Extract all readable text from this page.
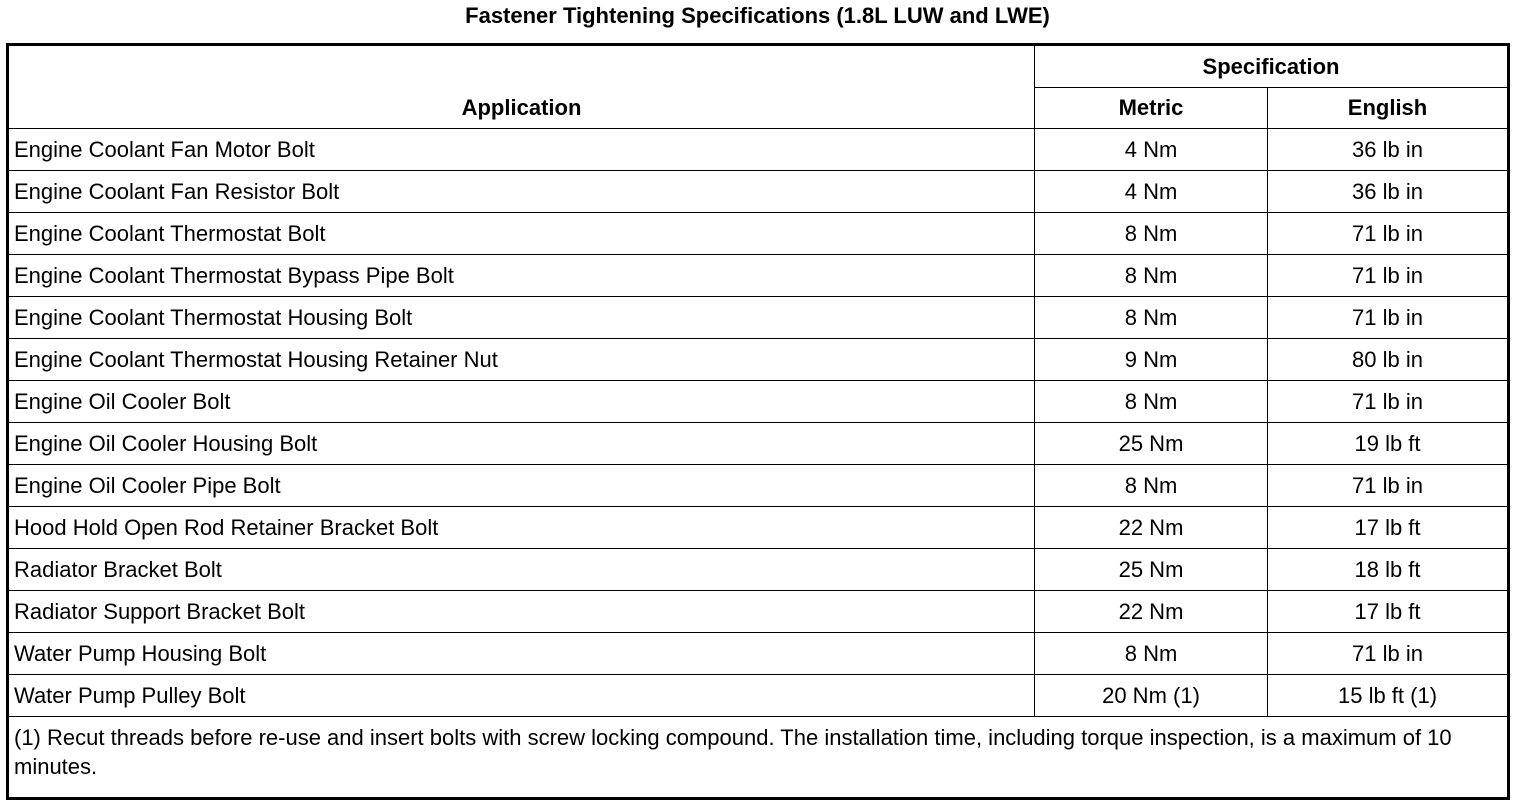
Fastener Tightening Specifications (1.8L LUW and LWE)
Application	Specification	
	Metric	English
Engine Coolant Fan Motor Bolt	4 Nm	36 lb in
Engine Coolant Fan Resistor Bolt	4 Nm	36 lb in
Engine Coolant Thermostat Bolt	8 Nm	71 lb in
Engine Coolant Thermostat Bypass Pipe Bolt	8 Nm	71 lb in
Engine Coolant Thermostat Housing Bolt	8 Nm	71 lb in
Engine Coolant Thermostat Housing Retainer Nut	9 Nm	80 lb in
Engine Oil Cooler Bolt	8 Nm	71 lb in
Engine Oil Cooler Housing Bolt	25 Nm	19 lb ft
Engine Oil Cooler Pipe Bolt	8 Nm	71 lb in
Hood Hold Open Rod Retainer Bracket Bolt	22 Nm	17 lb ft
Radiator Bracket Bolt	25 Nm	18 lb ft
Radiator Support Bracket Bolt	22 Nm	17 lb ft
Water Pump Housing Bolt	8 Nm	71 lb in
Water Pump Pulley Bolt	20 Nm (1)	15 lb ft (1)
(1) Recut threads before re-use and insert bolts with screw locking compound. The installation time, including torque inspection, is a maximum of 10 minutes.		
